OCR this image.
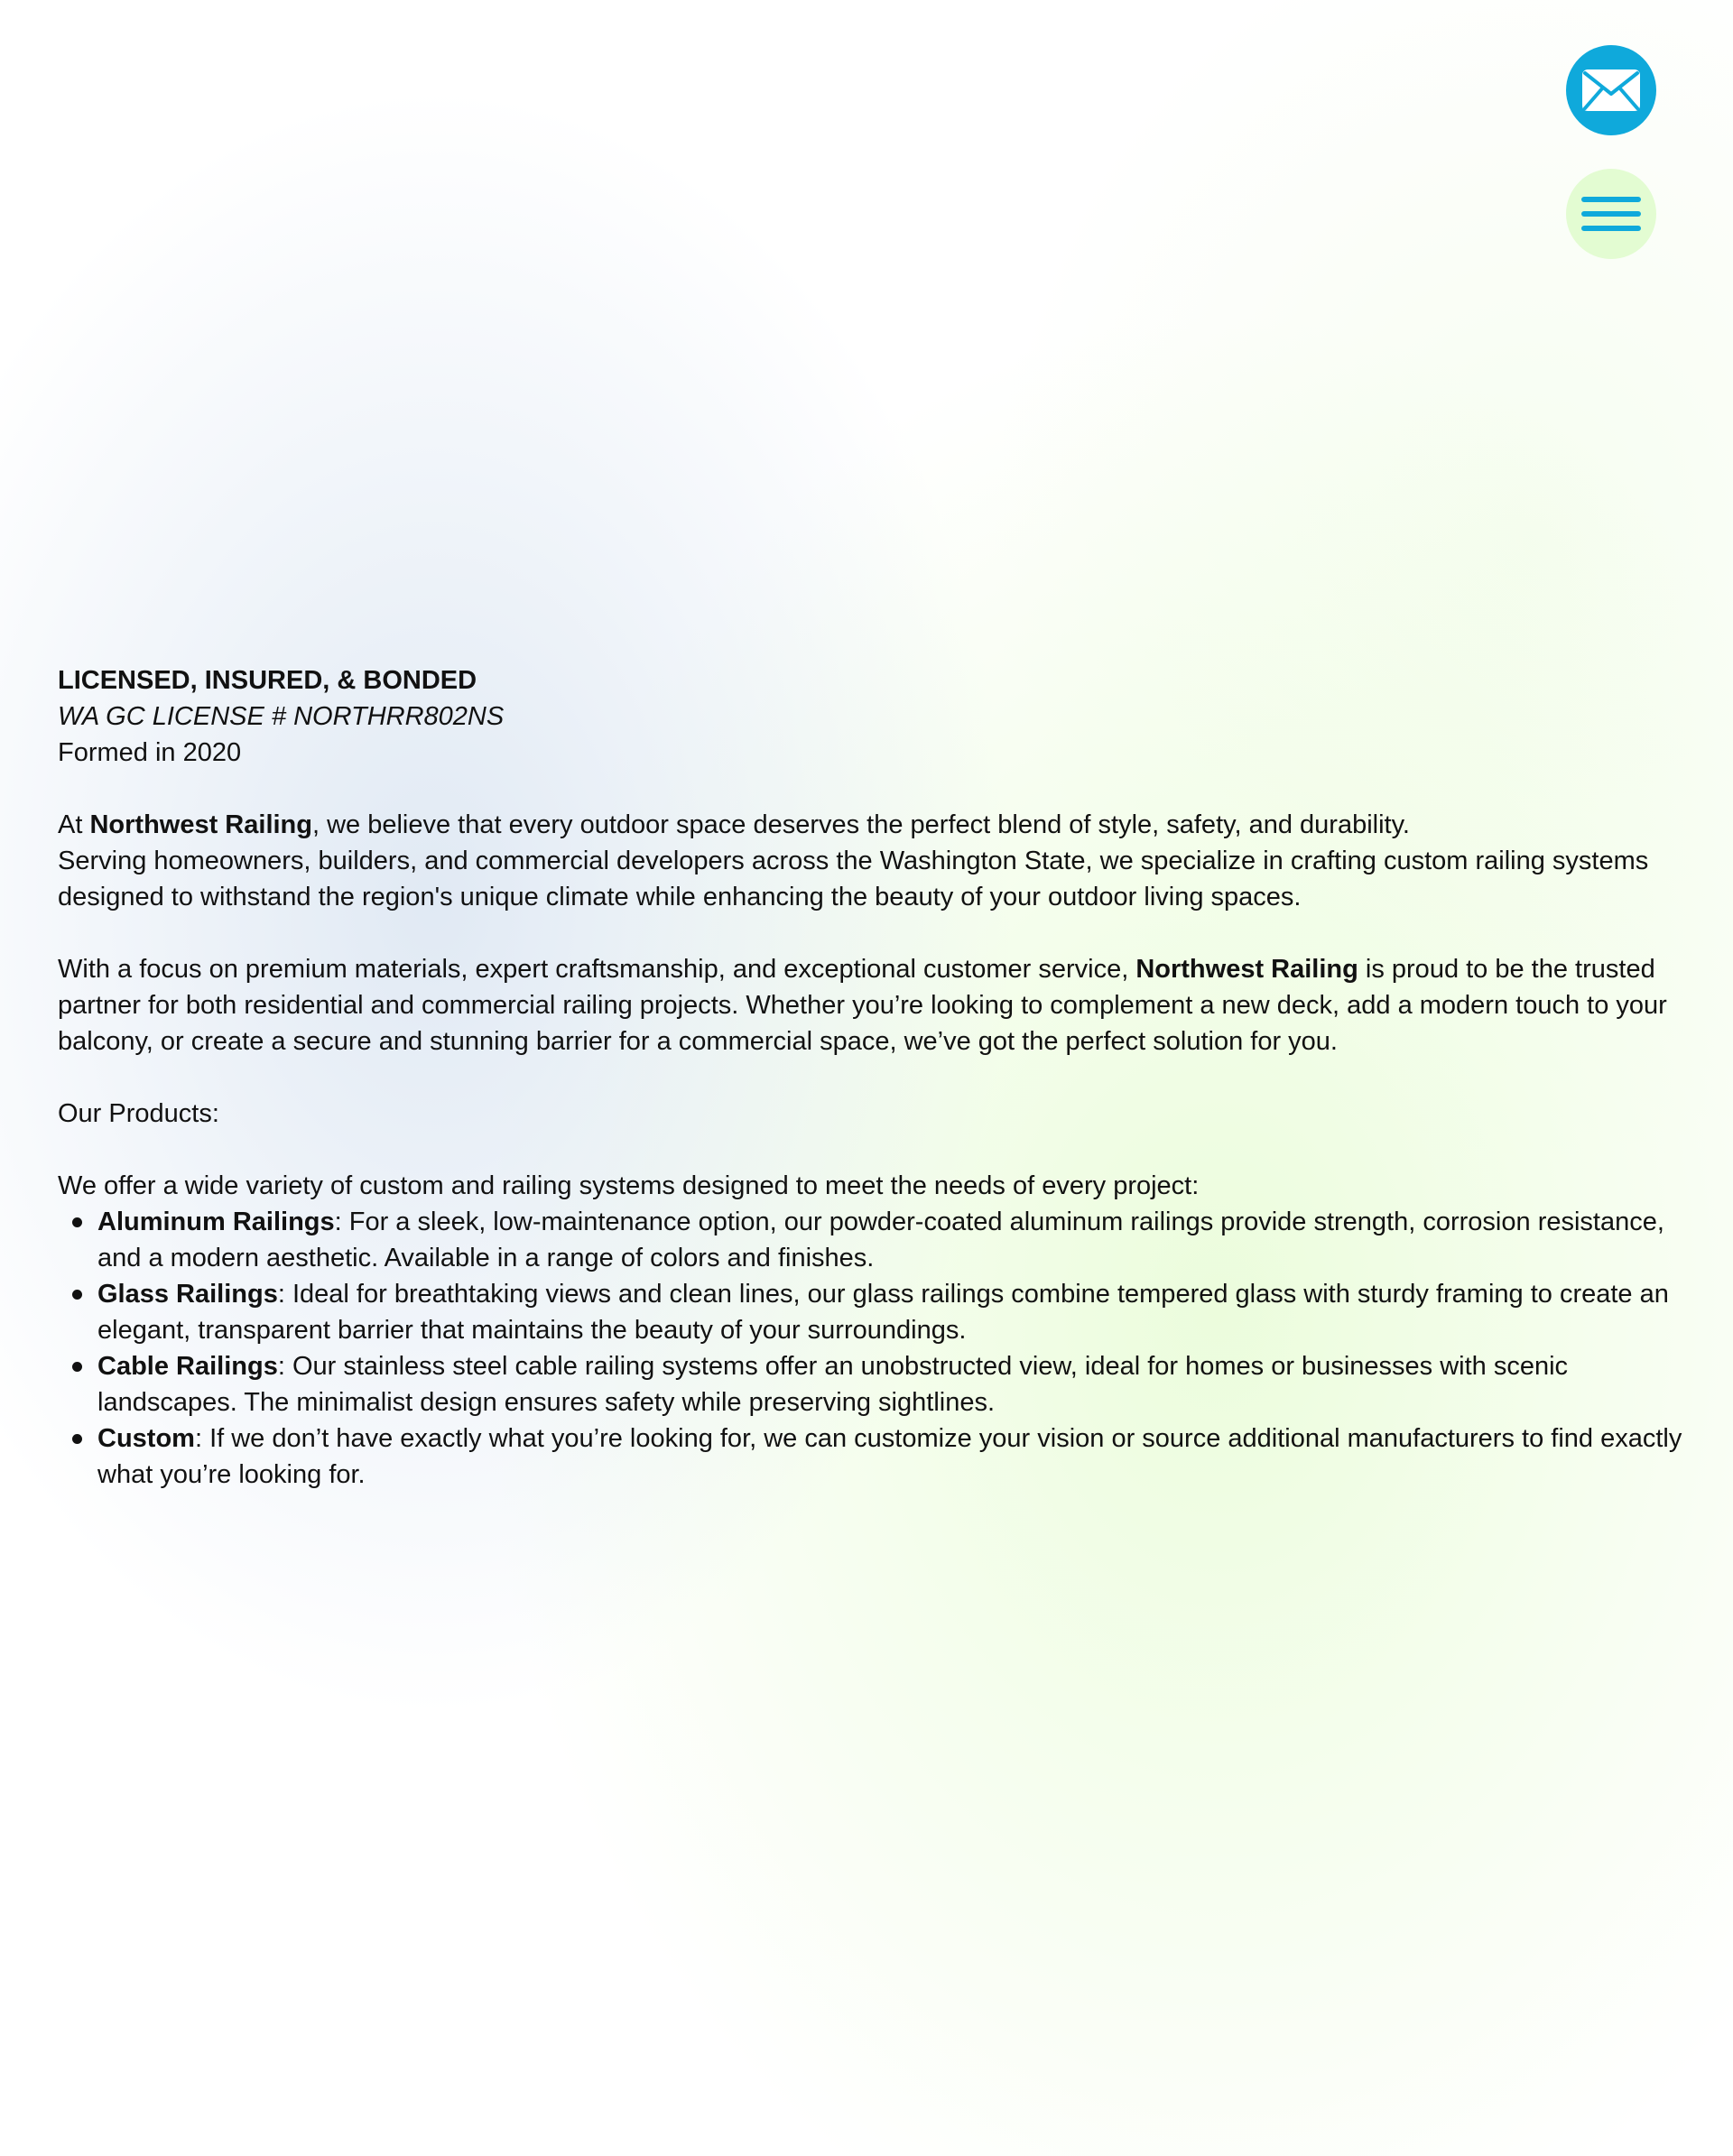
LICENSED, INSURED, & BONDED

WA GC LICENSE # NORTHRR802NS

Formed in 2020

At Northwest Railing, we believe that every outdoor space deserves the perfect blend of style, safety, and durability.

Serving homeowners, builders, and commercial developers across the Washington State, we specialize in crafting custom railing systems designed to withstand the region's unique climate while enhancing the beauty of your outdoor living spaces.

With a focus on premium materials, expert craftsmanship, and exceptional customer service, Northwest Railing is proud to be the trusted partner for both residential and commercial railing projects. Whether you’re looking to complement a new deck, add a modern touch to your balcony, or create a secure and stunning barrier for a commercial space, we’ve got the perfect solution for you.

Our Products:

We offer a wide variety of custom and railing systems designed to meet the needs of every project:

Aluminum Railings: For a sleek, low-maintenance option, our powder-coated aluminum railings provide strength, corrosion resistance, and a modern aesthetic. Available in a range of colors and finishes.
Glass Railings: Ideal for breathtaking views and clean lines, our glass railings combine tempered glass with sturdy framing to create an elegant, transparent barrier that maintains the beauty of your surroundings.
Cable Railings: Our stainless steel cable railing systems offer an unobstructed view, ideal for homes or businesses with scenic landscapes. The minimalist design ensures safety while preserving sightlines.
Custom: If we don’t have exactly what you’re looking for, we can customize your vision or source additional manufacturers to find exactly what you’re looking for.
